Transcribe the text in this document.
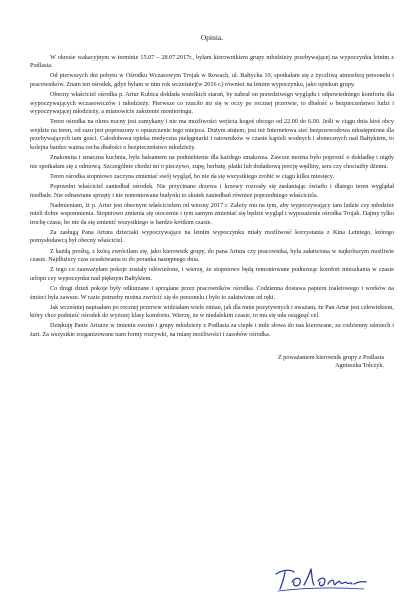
Opinia.

W okresie wakacyjnym w terminie 15.07 – 28.07.2017r., byłam kierownikiem grupy młodzieży przebywającej na wypoczynku letnim z Podlasia.

Od pierwszych dni pobytu w Ośrodku Wczasowym Trojak w Rowach, ul. Bałtycka 10, spotkałam się z życzliwą atmosferą personelu i pracowników. Znam ten ośrodek, gdyż byłam w nim rok wcześniej(w 2016 r.) również na letnim wypoczynku, jako opiekun grupy.

Obecny właściciel ośrodka p. Artur Kubica dokłada wszelkich starań, by nabrał on prawdziwego wyglądu i odpowiedniego komfortu dla wypoczywających wczasowiczów i młodzieży. Pierwsze co rzuciło mi się w oczy po rocznej przerwie, to dbałość o bezpieczeństwo ludzi i wypoczywającej młodzieży, a mianowicie założenie monitoringu.

Teren ośrodka na okres nocny jest zamykany i nie ma możliwości wejścia kogoś obcego od 22.00 do 6.00. Jeśli w ciągu dnia ktoś obcy wejdzie na teren, od razu jest poproszony o opuszczenie tego miejsca. Dużym atutem, jest też Internetowa sieć bezprzewodowa udostępniona dla przebywających tam gości. Całodobowa opieka medyczna pielęgniarki i ratowników w czasie kąpieli wodnych i słonecznych nad Bałtykiem, to kolejna bardzo ważna cecha dbałości o bezpieczeństwo młodzieży.

Znakomita i smaczna kuchnia, była balsamem na podniebienie dla każdego smakosza. Zawsze można było poprosić o dokładkę i nigdy nie spotkałam się z odmową. Szczególnie chodzi mi o pieczywo, zupę, herbatę, płatki lub dodatkową porcję wędliny, sera czy chociażby dżemu.

Teren ośrodka stopniowo zaczyna zmieniać swój wygląd, bo nie da się wszystkiego zrobić w ciągu kilku miesięcy.

Poprzedni właściciel zaniedbał ośrodek. Nie przycinane drzewa i krzewy rozrosły się zasłaniając światło i dlatego teren wyglądał niedbale. Nie odnawiane sprzęty i nie remontowane budynki to skutek zaniedbań również poprzedniego właściciela.

Nadmieniam, iż p. Artur jest obecnym właścicielem od wiosny 2017 r. Zależy mu na tym, aby wypoczywający tam ludzie czy młodzież mieli dobre wspomnienia. Stopniowo zmienia się otoczenie i tym samym zmieniać się będzie wygląd i wyposażenie ośrodka Trojak. Dajmy tylko trochę czasu, bo nie da się zmienić wszystkiego w bardzo krótkim czasie.

Za zasługą Pana Artura dzieciaki wypoczywające na letnim wypoczynku miały możliwość korzystania z Kina Letniego, którego pomysłodawcą był obecny właściciel.

Z każdą prośbą, z którą zwróciłam się, jako kierownik grupy, do pana Artura czy pracownika, była załatwiona w najkrótszym możliwie czasie. Najdłuższy czas oczekiwania to do poranka następnego dnia.

Z tego co zauważyłam pokoje zostały odświeżone, i wierzę, że stopniowo będą remontowane podnosząc komfort mieszkania w czasie urlopu czy wypoczynku nad pięknym Bałtykiem.

Co drugi dzień pokoje były odkurzane i sprzątane przez pracowników ośrodka. Codzienna dostawa papieru toaletowego i worków na śmieci była zawsze. W razie potrzeby można zwrócić się do personelu i było to załatwione od ręki.

Jak wcześniej napisałam po rocznej przerwie widziałam wiele zmian, jak dla mnie pozytywnych i uważam, że Pan Artur jest człowiekiem, który chce podnieść ośrodek do wyższej klasy komfortu. Wierzę, że w niedalekim czasie, to mu się uda osiągnąć cel.

Dziękuję Panie Arturze w imieniu swoim i grupy młodzieży z Podlasia za ciepłe i miłe słowa do nas kierowane, za codzienny uśmiech i żart. Za wszystkie zorganizowane nam formy rozrywki, na miarę możliwości i zasobów ośrodka.

Z poważaniem kierownik grupy z Podlasia
Agnieszka Tołczyk.
